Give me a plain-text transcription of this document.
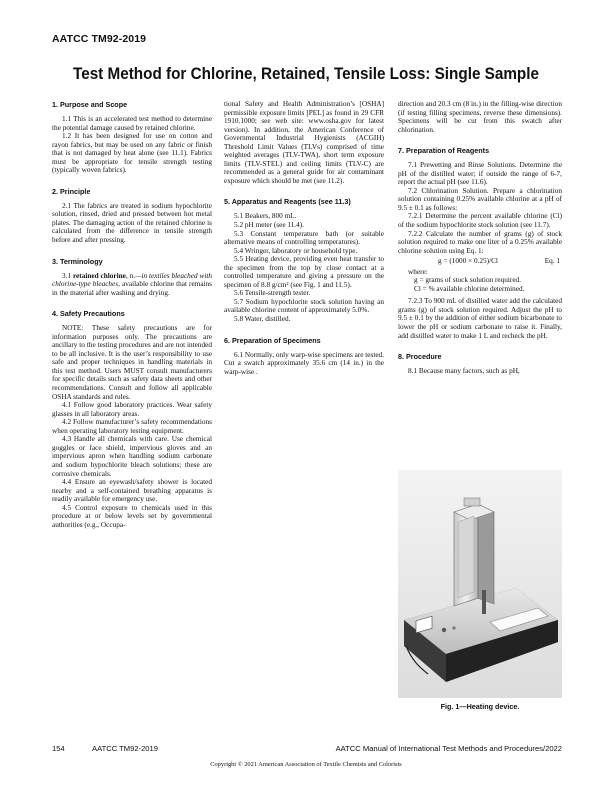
AATCC TM92-2019
Test Method for Chlorine, Retained, Tensile Loss: Single Sample
1. Purpose and Scope

1.1 This is an accelerated test method to determine the potential damage caused by retained chlorine.

1.2 It has been designed for use on cotton and rayon fabrics, but may be used on any fabric or finish that is not damaged by heat alone (see 11.1). Fabrics must be appropriate for tensile strength testing (typically woven fabrics).

2. Principle

2.1 The fabrics are treated in sodium hypochlorite solution, rinsed, dried and pressed between hot metal plates. The damaging action of the retained chlorine is calculated from the difference in tensile strength before and after pressing.

3. Terminology

3.1 retained chlorine, n.—in textiles bleached with chlorine-type bleaches, available chlorine that remains in the material after washing and drying.

4. Safety Precautions

NOTE: These safety precautions are for information purposes only. The precautions are ancillary to the testing procedures and are not intended to be all inclusive. It is the user’s responsibility to use safe and proper techniques in handling materials in this test method. Users MUST consult manufacturers for specific details such as safety data sheets and other recommendations. Consult and follow all applicable OSHA standards and rules.

4.1 Follow good laboratory practices. Wear safety glasses in all laboratory areas.

4.2 Follow manufacturer’s safety recommendations when operating laboratory testing equipment.

4.3 Handle all chemicals with care. Use chemical goggles or face shield, impervious gloves and an impervious apron when handling sodium carbonate and sodium hypochlorite bleach solutions; these are corrosive chemicals.

4.4 Ensure an eyewash/safety shower is located nearby and a self-contained breathing apparatus is readily available for emergency use.

4.5 Control exposure to chemicals used in this procedure at or below levels set by governmental authorities (e.g., Occupa-

tional Safety and Health Administration’s [OSHA] permissible exposure limits [PEL] as found in 29 CFR 1910.1000; see web site: www.osha.gov for latest version). In addition, the American Conference of Governmental Industrial Hygienists (ACGIH) Threshold Limit Values (TLVs) comprised of time weighted averages (TLV-TWA), short term exposure limits (TLV-STEL) and ceiling limits (TLV-C) are recommended as a general guide for air contaminant exposure which should be met (see 11.2).

5. Apparatus and Reagents (see 11.3)

5.1 Beakers, 800 mL.

5.2 pH meter (see 11.4).

5.3 Constant temperature bath (or suitable alternative means of controlling temperatures).

5.4 Wringer, laboratory or household type.

5.5 Heating device, providing even heat transfer to the specimen from the top by close contact at a controlled temperature and giving a pressure on the specimen of 8.8 g/cm² (see Fig. 1 and 11.5).

5.6 Tensile-strength tester.

5.7 Sodium hypochlorite stock solution having an available chlorine content of approximately 5.0%.

5.8 Water, distilled.

6. Preparation of Specimens

6.1 Normally, only warp-wise specimens are tested. Cut a swatch approximately 35.6 cm (14 in.) in the warp-wise .

direction and 20.3 cm (8 in.) in the filling-wise direction (if testing filling specimens, reverse these dimensions). Specimens will be cut from this swatch after chlorination.

7. Preparation of Reagents

7.1 Prewetting and Rinse Solutions. Determine the pH of the distilled water; if outside the range of 6-7, report the actual pH (see 11.6).

7.2 Chlorination Solution. Prepare a chlorination solution containing 0.25% available chlorine at a pH of 9.5 ± 0.1 as follows:

7.2.1 Determine the percent available chlorine (Cl) of the sodium hypochlorite stock solution (see 11.7).

7.2.2 Calculate the number of grams (g) of stock solution required to make one liter of a 0.25% available chlorine solution using Eq. 1:

g = (1000 × 0.25)/Cl	Eq. 1

where:

g = grams of stock solution required.

Cl = % available chlorine determined.

7.2.3 To 900 mL of distilled water add the calculated grams (g) of stock solution required. Adjust the pH to 9.5 ± 0.1 by the addition of either sodium bicarbonate to lower the pH or sodium carbonate to raise it. Finally, add distilled water to make 1 L and recheck the pH.

8. Procedure

8.1 Because many factors, such as pH,

Fig. 1—Heating device.
154	AATCC TM92-2019	AATCC Manual of International Test Methods and Procedures/2022
Copyright © 2021 American Association of Textile Chemists and Colorists
